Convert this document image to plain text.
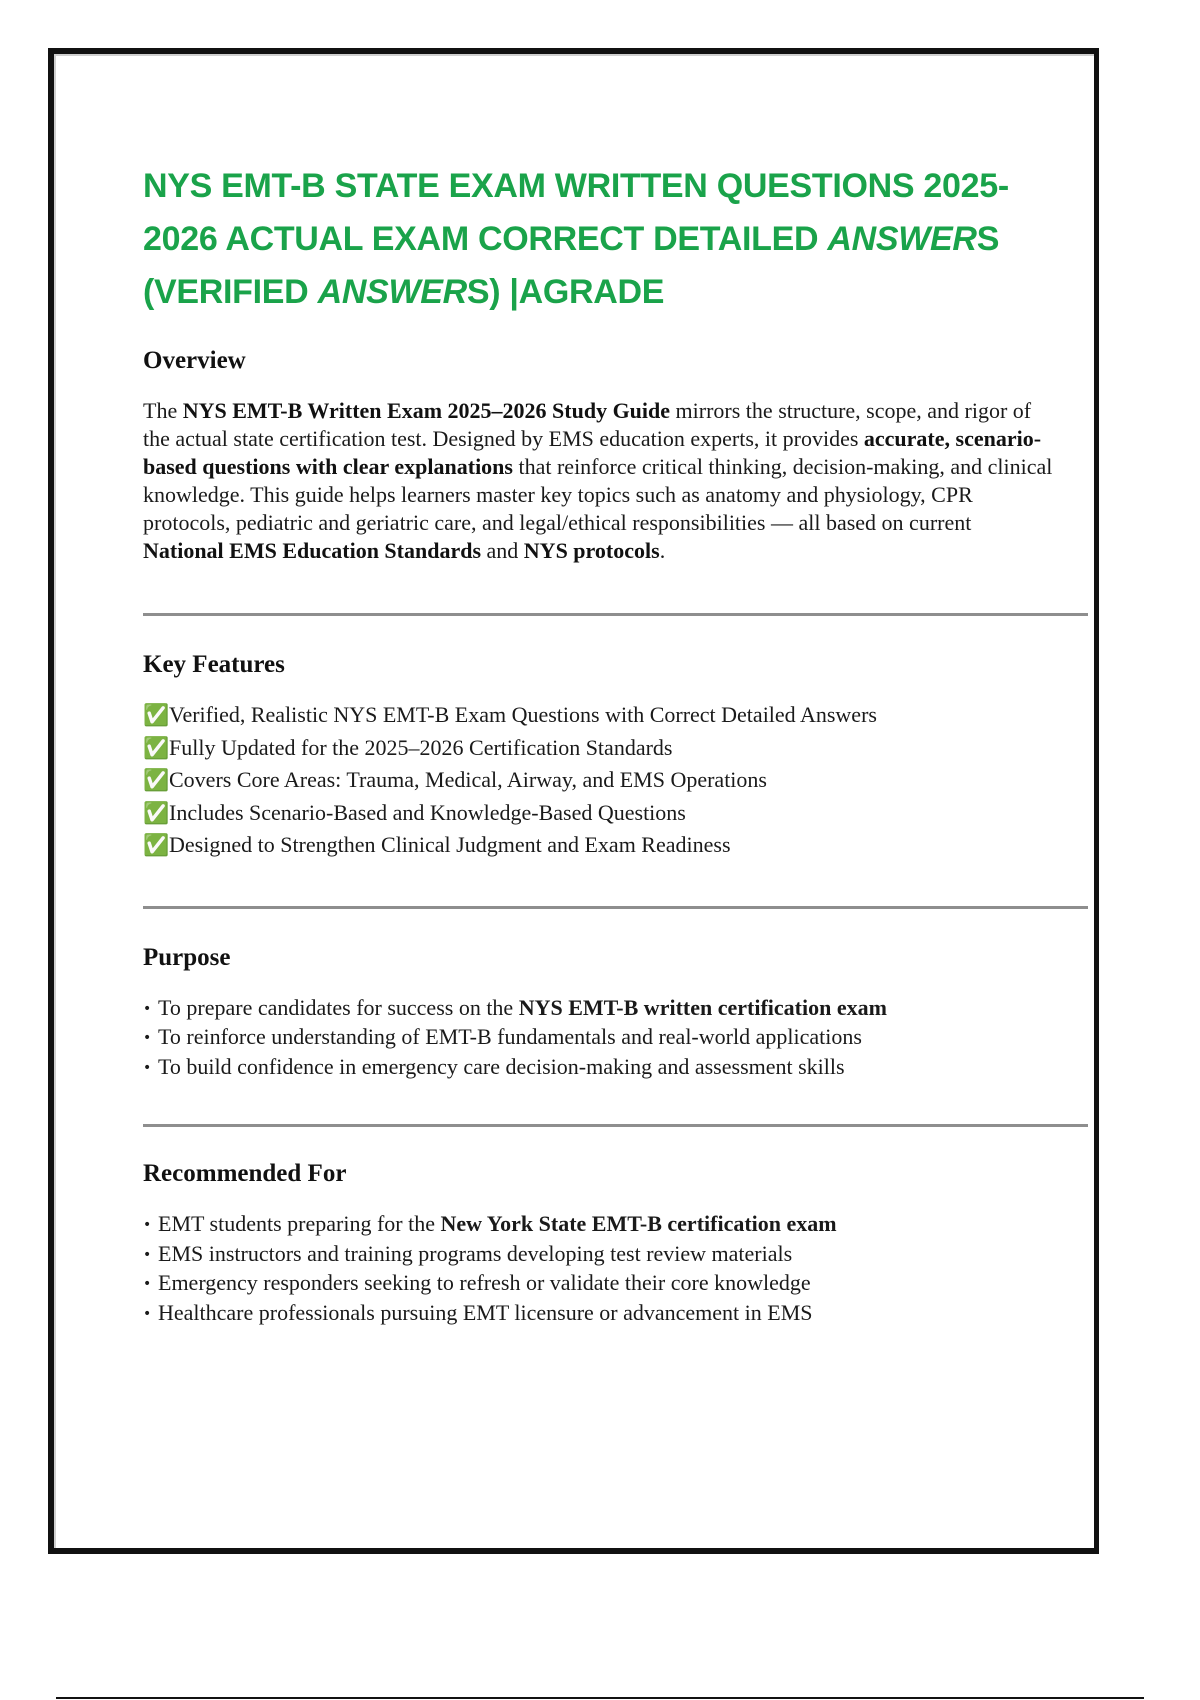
NYS EMT-B STATE EXAM WRITTEN QUESTIONS 2025-
2026 ACTUAL EXAM CORRECT DETAILED ANSWERS
(VERIFIED ANSWERS) |AGRADE
Overview

The NYS EMT-B Written Exam 2025–2026 Study Guide mirrors the structure, scope, and rigor of the actual state certification test. Designed by EMS education experts, it provides accurate, scenario-based questions with clear explanations that reinforce critical thinking, decision-making, and clinical knowledge. This guide helps learners master key topics such as anatomy and physiology, CPR protocols, pediatric and geriatric care, and legal/ethical responsibilities — all based on current National EMS Education Standards and NYS protocols.

Key Features
✅Verified, Realistic NYS EMT-B Exam Questions with Correct Detailed Answers
✅Fully Updated for the 2025–2026 Certification Standards
✅Covers Core Areas: Trauma, Medical, Airway, and EMS Operations
✅Includes Scenario-Based and Knowledge-Based Questions
✅Designed to Strengthen Clinical Judgment and Exam Readiness
Purpose
• To prepare candidates for success on the NYS EMT-B written certification exam
• To reinforce understanding of EMT-B fundamentals and real-world applications
• To build confidence in emergency care decision-making and assessment skills
Recommended For
• EMT students preparing for the New York State EMT-B certification exam
• EMS instructors and training programs developing test review materials
• Emergency responders seeking to refresh or validate their core knowledge
• Healthcare professionals pursuing EMT licensure or advancement in EMS
